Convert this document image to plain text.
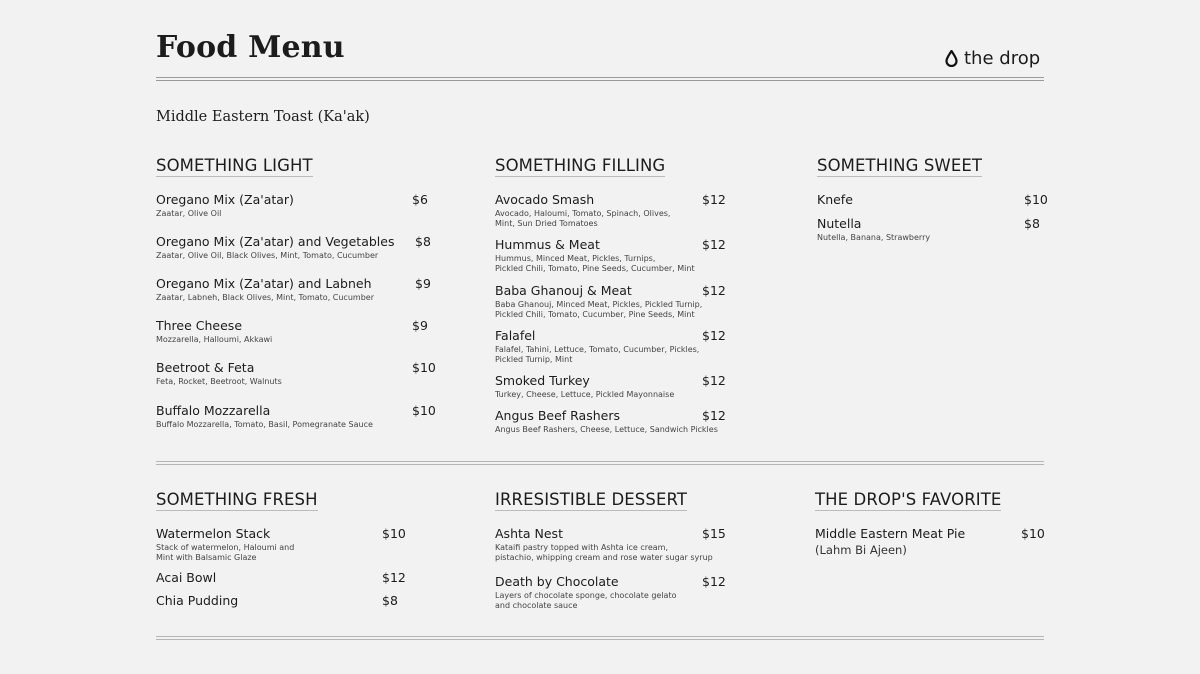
Food Menu	the drop
Middle Eastern Toast (Ka'ak)
SOMETHING LIGHT
Oregano Mix (Za'atar)
Zaatar, Olive Oil
$6
Oregano Mix (Za'atar) and Vegetables
Zaatar, Olive Oil, Black Olives, Mint, Tomato, Cucumber
$8
Oregano Mix (Za'atar) and Labneh
Zaatar, Labneh, Black Olives, Mint, Tomato, Cucumber
$9
Three Cheese
Mozzarella, Halloumi, Akkawi
$9
Beetroot & Feta
Feta, Rocket, Beetroot, Walnuts
$10
Buffalo Mozzarella
Buffalo Mozzarella, Tomato, Basil, Pomegranate Sauce
$10
SOMETHING FILLING
Avocado Smash
Avocado, Haloumi, Tomato, Spinach, Olives,
Mint, Sun Dried Tomatoes
$12
Hummus & Meat
Hummus, Minced Meat, Pickles, Turnips,
Pickled Chili, Tomato, Pine Seeds, Cucumber, Mint
$12
Baba Ghanouj & Meat
Baba Ghanouj, Minced Meat, Pickles, Pickled Turnip,
Pickled Chili, Tomato, Cucumber, Pine Seeds, Mint
$12
Falafel
Falafel, Tahini, Lettuce, Tomato, Cucumber, Pickles,
Pickled Turnip, Mint
$12
Smoked Turkey
Turkey, Cheese, Lettuce, Pickled Mayonnaise
$12
Angus Beef Rashers
Angus Beef Rashers, Cheese, Lettuce, Sandwich Pickles
$12
SOMETHING SWEET
Knefe	$10
Nutella
Nutella, Banana, Strawberry
$8
SOMETHING FRESH
Watermelon Stack
Stack of watermelon, Haloumi and
Mint with Balsamic Glaze
$10
Acai Bowl	$12
Chia Pudding	$8
IRRESISTIBLE DESSERT
Ashta Nest
Kataifi pastry topped with Ashta ice cream,
pistachio, whipping cream and rose water sugar syrup
$15
Death by Chocolate
Layers of chocolate sponge, chocolate gelato
and chocolate sauce
$12
THE DROP'S FAVORITE
Middle Eastern Meat Pie
(Lahm Bi Ajeen)
$10
